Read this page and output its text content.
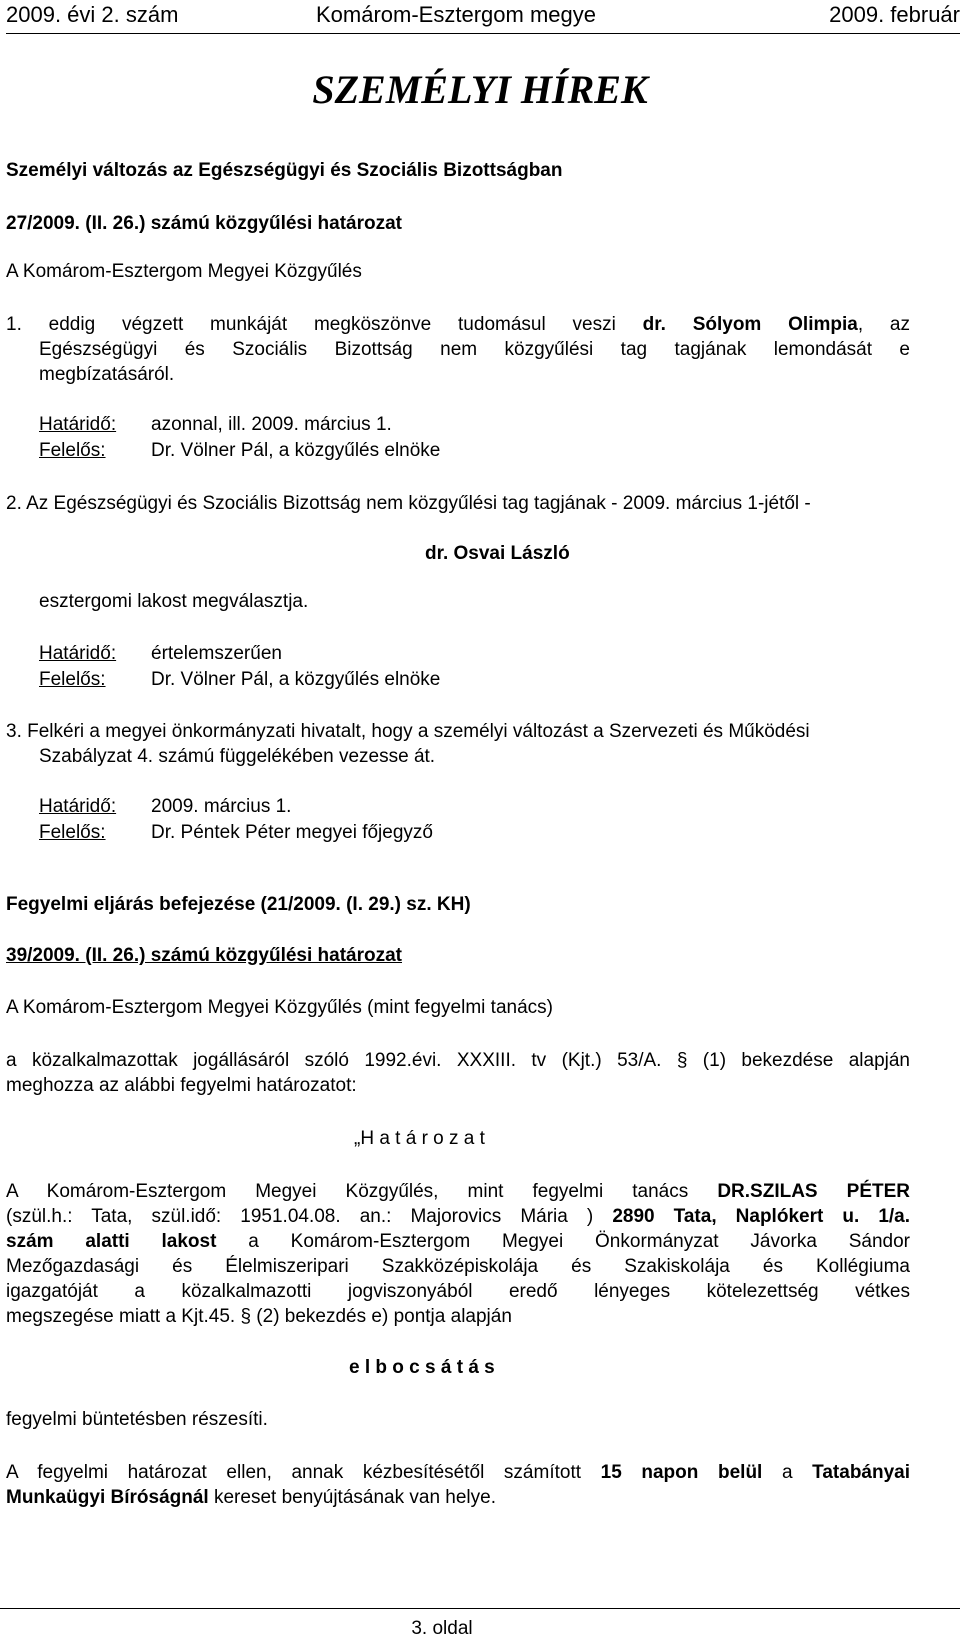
2009. évi 2. szám	Komárom-Esztergom megye	2009. február
SZEMÉLYI HÍREK
Személyi változás az Egészségügyi és Szociális Bizottságban
27/2009. (II. 26.) számú közgyűlési határozat
A Komárom-Esztergom Megyei Közgyűlés
1. eddig végzett munkáját megköszönve tudomásul veszi dr. Sólyom Olimpia, az
Egészségügyi és Szociális Bizottság nem közgyűlési tag tagjának lemondását e
megbízatásáról.
Határidő: azonnal, ill. 2009. március 1.
Felelős: Dr. Völner Pál, a közgyűlés elnöke
2. Az Egészségügyi és Szociális Bizottság nem közgyűlési tag tagjának - 2009. március 1-jétől -
dr. Osvai László
esztergomi lakost megválasztja.
Határidő: értelemszerűen
Felelős: Dr. Völner Pál, a közgyűlés elnöke
3. Felkéri a megyei önkormányzati hivatalt, hogy a személyi változást a Szervezeti és Működési
Szabályzat 4. számú függelékében vezesse át.
Határidő: 2009. március 1.
Felelős: Dr. Péntek Péter megyei főjegyző
Fegyelmi eljárás befejezése (21/2009. (I. 29.) sz. KH)
39/2009. (II. 26.) számú közgyűlési határozat
A Komárom-Esztergom Megyei Közgyűlés (mint fegyelmi tanács)
a közalkalmazottak jogállásáról szóló 1992.évi. XXXIII. tv (Kjt.) 53/A. § (1) bekezdése alapján
meghozza az alábbi fegyelmi határozatot:
„H a t á r o z a t
A Komárom-Esztergom Megyei Közgyűlés, mint fegyelmi tanács DR.SZILAS PÉTER
(szül.h.: Tata, szül.idő: 1951.04.08. an.: Majorovics Mária ) 2890 Tata, Naplókert u. 1/a.
szám alatti lakost a Komárom-Esztergom Megyei Önkormányzat Jávorka Sándor
Mezőgazdasági és Élelmiszeripari Szakközépiskolája és Szakiskolája és Kollégiuma
igazgatóját a közalkalmazotti jogviszonyából eredő lényeges kötelezettség vétkes
megszegése miatt a Kjt.45. § (2) bekezdés e) pontja alapján
e l b o c s á t á s
fegyelmi büntetésben részesíti.
A fegyelmi határozat ellen, annak kézbesítésétől számított 15 napon belül a Tatabányai
Munkaügyi Bíróságnál kereset benyújtásának van helye.
3. oldal
